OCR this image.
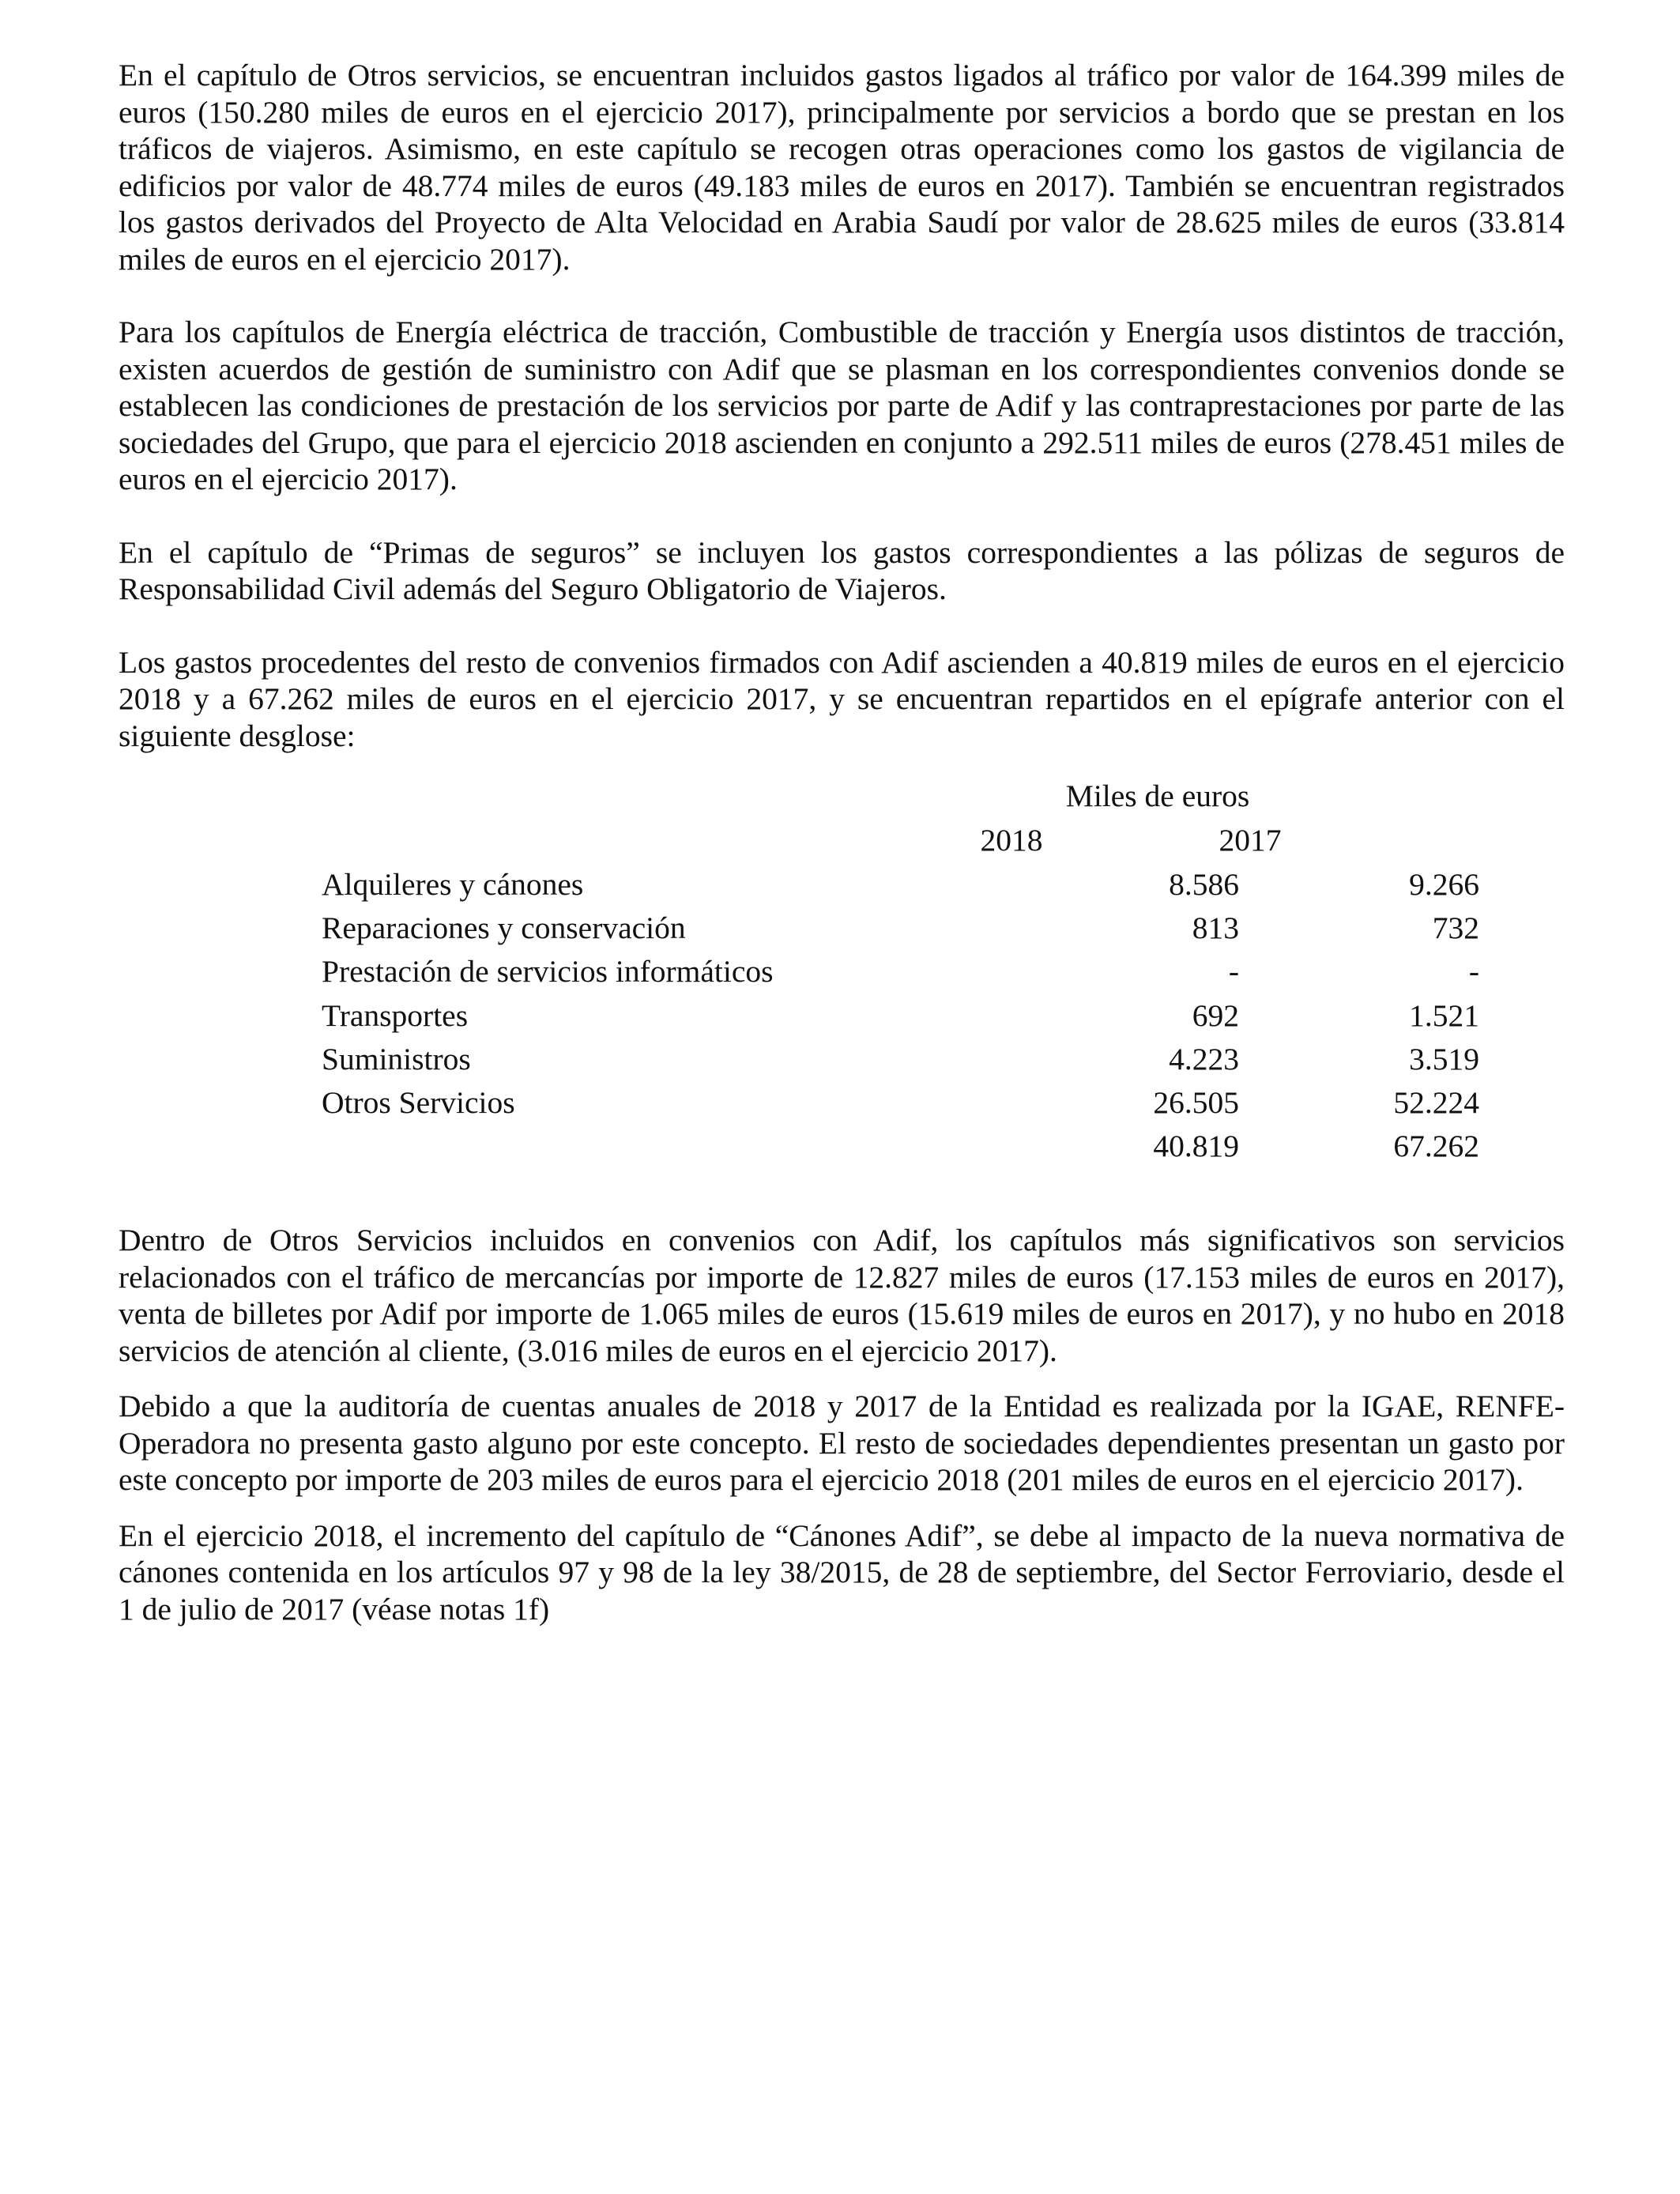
En el capítulo de Otros servicios, se encuentran incluidos gastos ligados al tráfico por valor de 164.399 miles de euros (150.280 miles de euros en el ejercicio 2017), principalmente por servicios a bordo que se prestan en los tráficos de viajeros. Asimismo, en este capítulo se recogen otras operaciones como los gastos de vigilancia de edificios por valor de 48.774 miles de euros (49.183 miles de euros en 2017). También se encuentran registrados los gastos derivados del Proyecto de Alta Velocidad en Arabia Saudí por valor de 28.625 miles de euros (33.814 miles de euros en el ejercicio 2017).

Para los capítulos de Energía eléctrica de tracción, Combustible de tracción y Energía usos distintos de tracción, existen acuerdos de gestión de suministro con Adif que se plasman en los correspondientes convenios donde se establecen las condiciones de prestación de los servicios por parte de Adif y las contraprestaciones por parte de las sociedades del Grupo, que para el ejercicio 2018 ascienden en conjunto a 292.511 miles de euros (278.451 miles de euros en el ejercicio 2017).

En el capítulo de “Primas de seguros” se incluyen los gastos correspondientes a las pólizas de seguros de Responsabilidad Civil además del Seguro Obligatorio de Viajeros.

Los gastos procedentes del resto de convenios firmados con Adif ascienden a 40.819 miles de euros en el ejercicio 2018 y a 67.262 miles de euros en el ejercicio 2017, y se encuentran repartidos en el epígrafe anterior con el siguiente desglose:

Miles de euros
2018	2017
Alquileres y cánones	8.586	9.266
Reparaciones y conservación	813	732
Prestación de servicios informáticos	-	-
Transportes	692	1.521
Suministros	4.223	3.519
Otros Servicios	26.505	52.224
40.819	67.262

Dentro de Otros Servicios incluidos en convenios con Adif, los capítulos más significativos son servicios relacionados con el tráfico de mercancías por importe de 12.827 miles de euros (17.153 miles de euros en 2017), venta de billetes por Adif por importe de 1.065 miles de euros (15.619 miles de euros en 2017), y no hubo en 2018 servicios de atención al cliente, (3.016 miles de euros en el ejercicio 2017).

Debido a que la auditoría de cuentas anuales de 2018 y 2017 de la Entidad es realizada por la IGAE, RENFE-Operadora no presenta gasto alguno por este concepto. El resto de sociedades dependientes presentan un gasto por este concepto por importe de 203 miles de euros para el ejercicio 2018 (201 miles de euros en el ejercicio 2017).

En el ejercicio 2018, el incremento del capítulo de “Cánones Adif”, se debe al impacto de la nueva normativa de cánones contenida en los artículos 97 y 98 de la ley 38/2015, de 28 de septiembre, del Sector Ferroviario, desde el 1 de julio de 2017 (véase notas 1f)
